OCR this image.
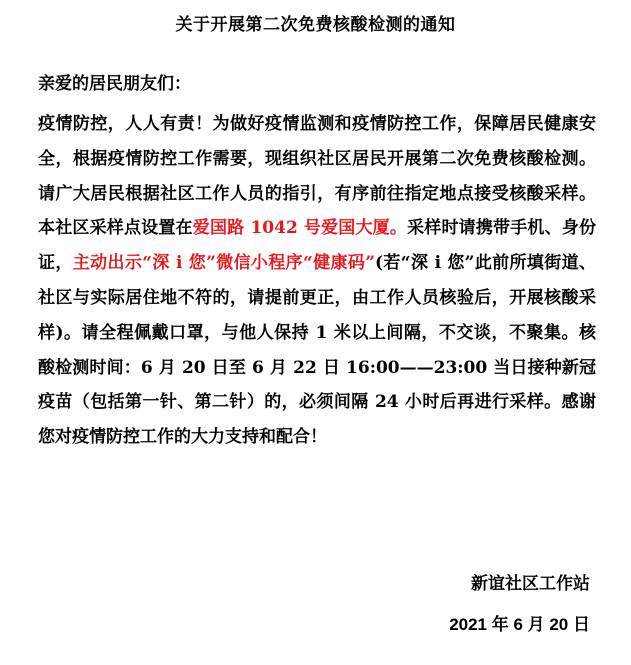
关于开展第二次免费核酸检测的通知
亲爱的居民朋友们：
疫情防控，人人有责！为做好疫情监测和疫情防控工作，保障居民健康安全，根据疫情防控工作需要，现组织社区居民开展第二次免费核酸检测。请广大居民根据社区工作人员的指引，有序前往指定地点接受核酸采样。本社区采样点设置在爱国路 1042 号爱国大厦。采样时请携带手机、身份证，主动出示“深 i 您”微信小程序“健康码”(若“深 i 您”此前所填街道、社区与实际居住地不符的，请提前更正，由工作人员核验后，开展核酸采样)。请全程佩戴口罩，与他人保持 1 米以上间隔，不交谈，不聚集。核酸检测时间：6 月 20 日至 6 月 22 日 16:00——23:00 当日接种新冠疫苗（包括第一针、第二针）的，必须间隔 24 小时后再进行采样。感谢您对疫情防控工作的大力支持和配合！
新谊社区工作站
2021 年 6 月 20 日
